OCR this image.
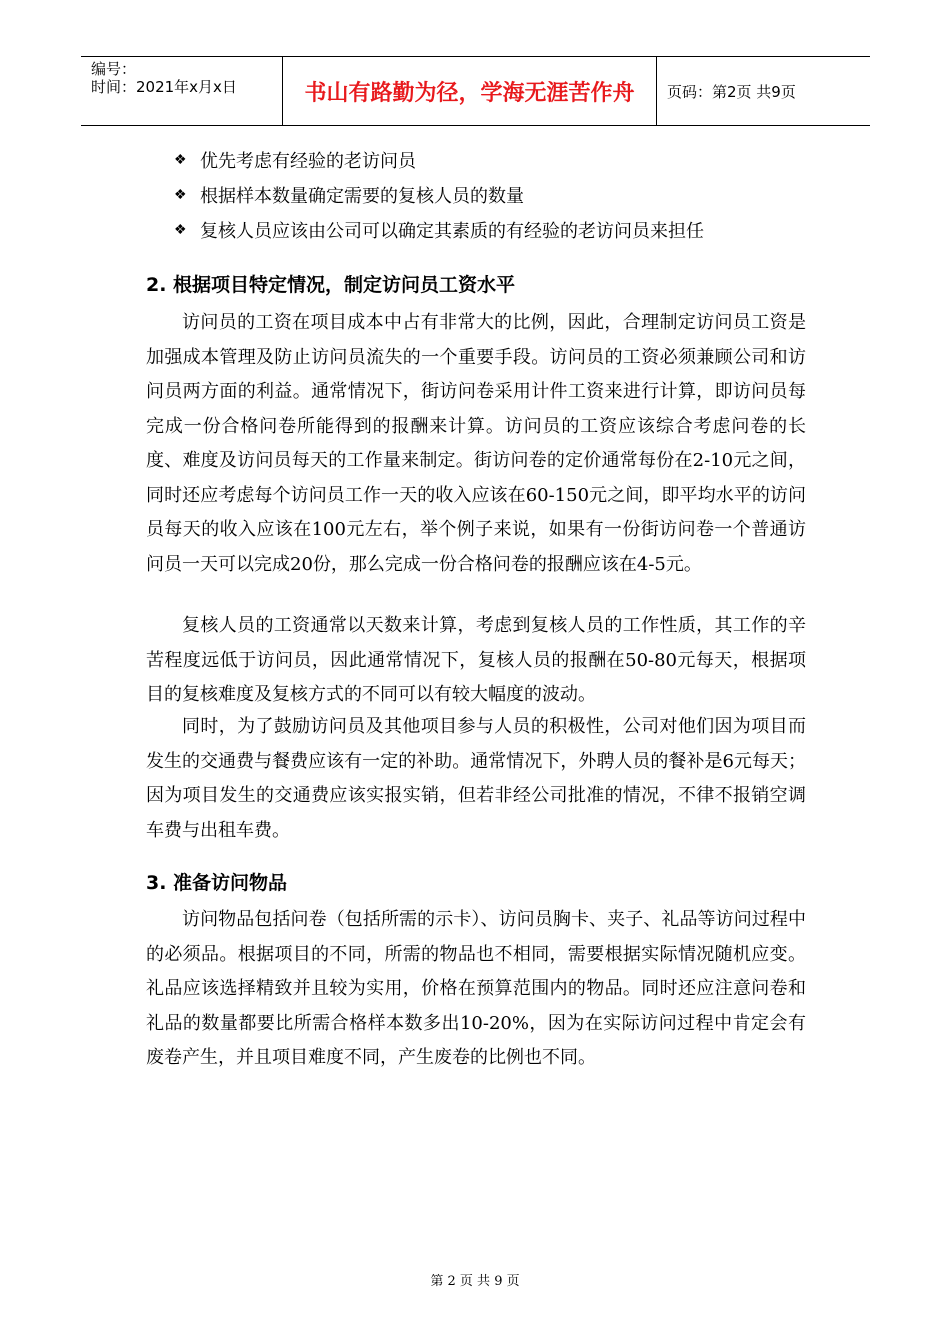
编号：
时间：2021年x月x日	书山有路勤为径，学海无涯苦作舟	页码：第2页 共9页
❖ 优先考虑有经验的老访问员
❖ 根据样本数量确定需要的复核人员的数量
❖ 复核人员应该由公司可以确定其素质的有经验的老访问员来担任
2. 根据项目特定情况，制定访问员工资水平

访问员的工资在项目成本中占有非常大的比例，因此，合理制定访问员工资是加强成本管理及防止访问员流失的一个重要手段。访问员的工资必须兼顾公司和访问员两方面的利益。通常情况下，街访问卷采用计件工资来进行计算，即访问员每完成一份合格问卷所能得到的报酬来计算。访问员的工资应该综合考虑问卷的长度、难度及访问员每天的工作量来制定。街访问卷的定价通常每份在2-10元之间，同时还应考虑每个访问员工作一天的收入应该在60-150元之间，即平均水平的访问员每天的收入应该在100元左右，举个例子来说，如果有一份街访问卷一个普通访问员一天可以完成20份，那么完成一份合格问卷的报酬应该在4-5元。

复核人员的工资通常以天数来计算，考虑到复核人员的工作性质，其工作的辛苦程度远低于访问员，因此通常情况下，复核人员的报酬在50-80元每天，根据项目的复核难度及复核方式的不同可以有较大幅度的波动。

同时，为了鼓励访问员及其他项目参与人员的积极性，公司对他们因为项目而发生的交通费与餐费应该有一定的补助。通常情况下，外聘人员的餐补是6元每天；因为项目发生的交通费应该实报实销，但若非经公司批准的情况，不律不报销空调车费与出租车费。

3. 准备访问物品

访问物品包括问卷（包括所需的示卡）、访问员胸卡、夹子、礼品等访问过程中的必须品。根据项目的不同，所需的物品也不相同，需要根据实际情况随机应变。礼品应该选择精致并且较为实用，价格在预算范围内的物品。同时还应注意问卷和礼品的数量都要比所需合格样本数多出10-20%，因为在实际访问过程中肯定会有废卷产生，并且项目难度不同，产生废卷的比例也不同。

第 2 页 共 9 页
